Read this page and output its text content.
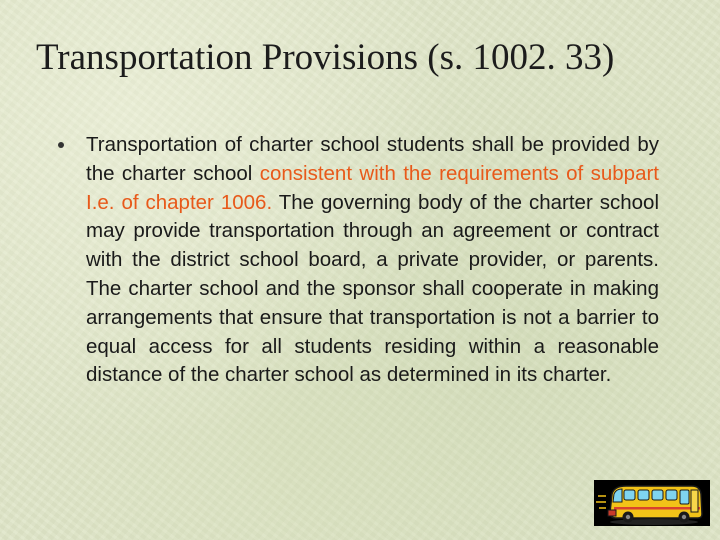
Transportation Provisions (s. 1002. 33)

Transportation of charter school students shall be provided by the charter school consistent with the requirements of subpart I.e. of chapter 1006. The governing body of the charter school may provide transportation through an agreement or contract with the district school board, a private provider, or parents. The charter school and the sponsor shall cooperate in making arrangements that ensure that transportation is not a barrier to equal access for all students residing within a reasonable distance of the charter school as determined in its charter.
